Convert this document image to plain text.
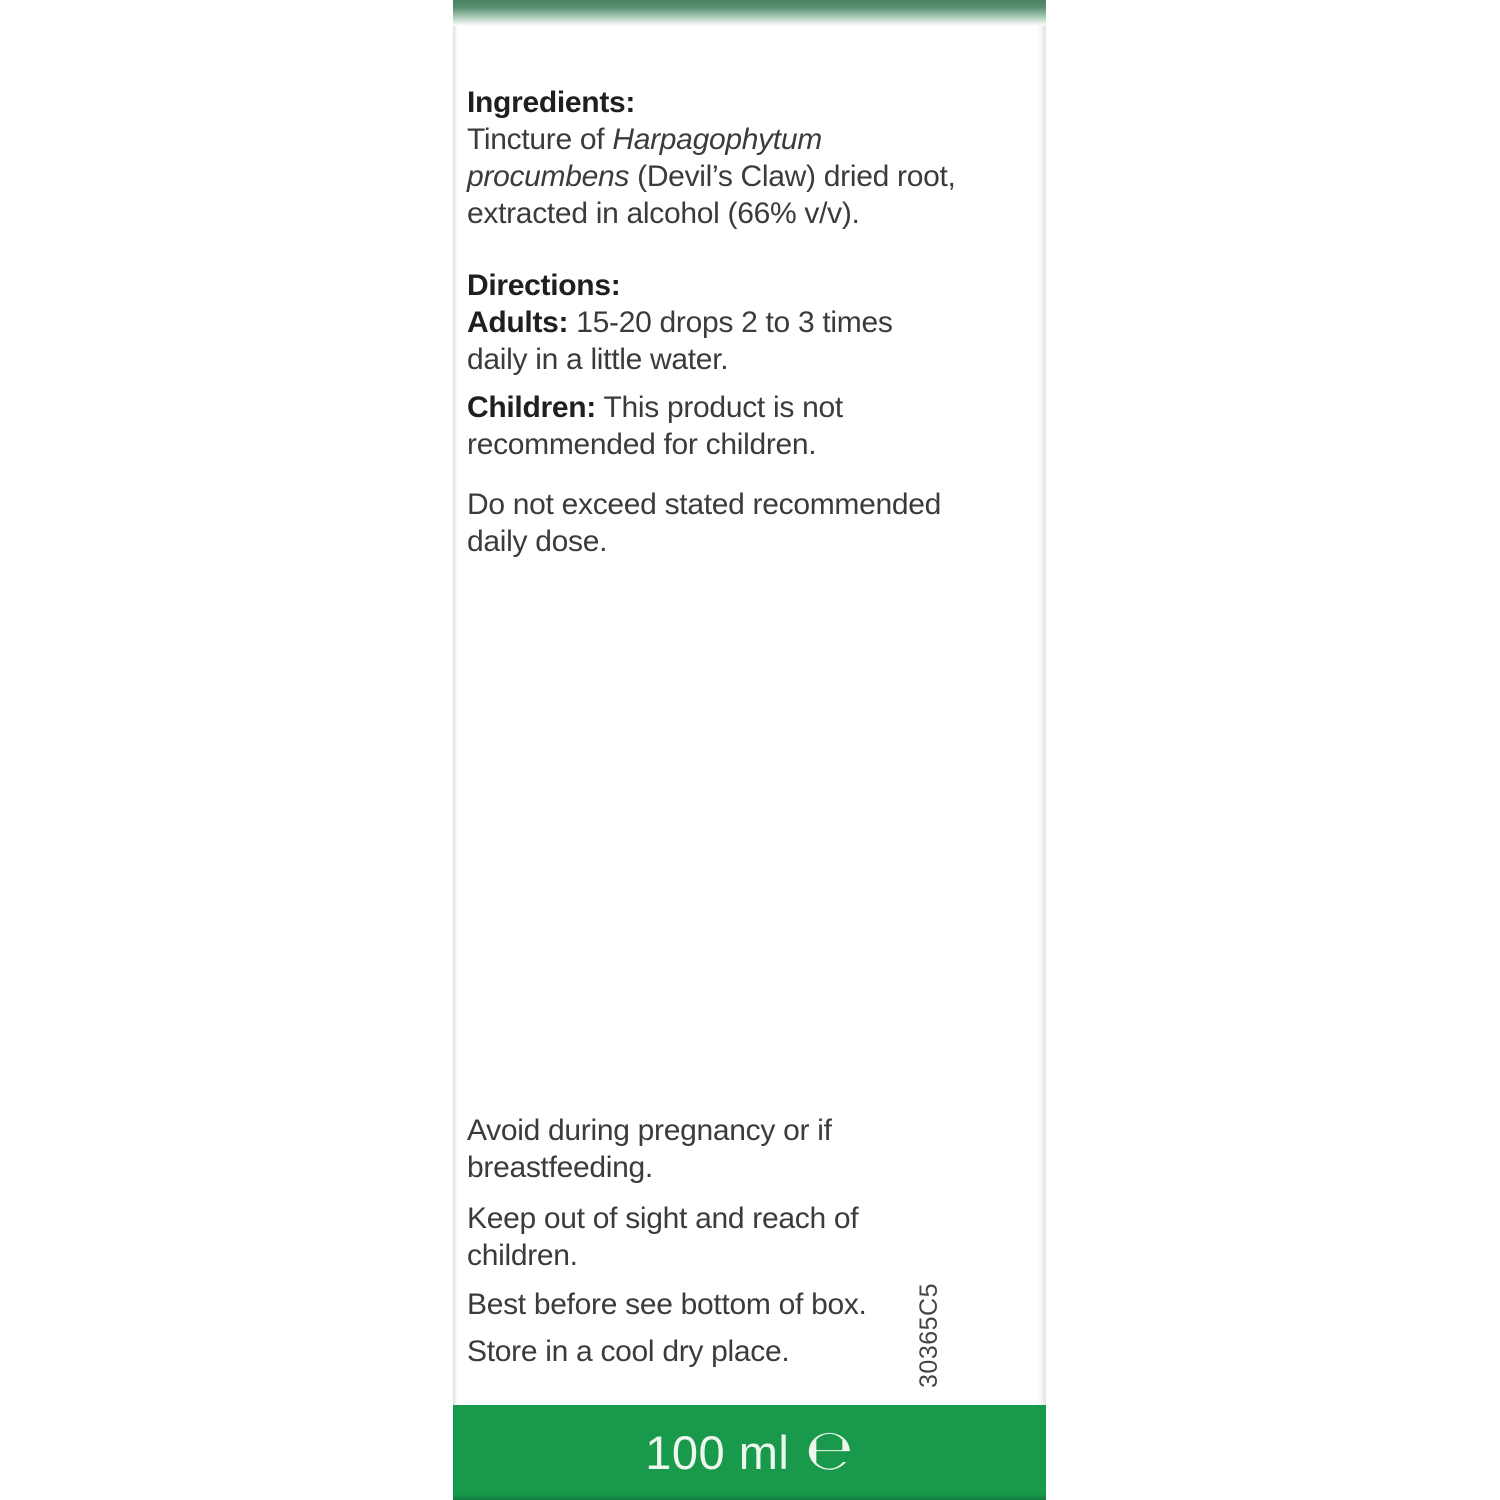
Ingredients:
Tincture of Harpagophytum
procumbens (Devil’s Claw) dried root,
extracted in alcohol (66% v/v).
Directions:
Adults: 15-20 drops 2 to 3 times
daily in a little water.
Children: This product is not
recommended for children.
Do not exceed stated recommended
daily dose.
Avoid during pregnancy or if
breastfeeding.
Keep out of sight and reach of
children.
Best before see bottom of box.
Store in a cool dry place.	30365C5
100 ml ℮
